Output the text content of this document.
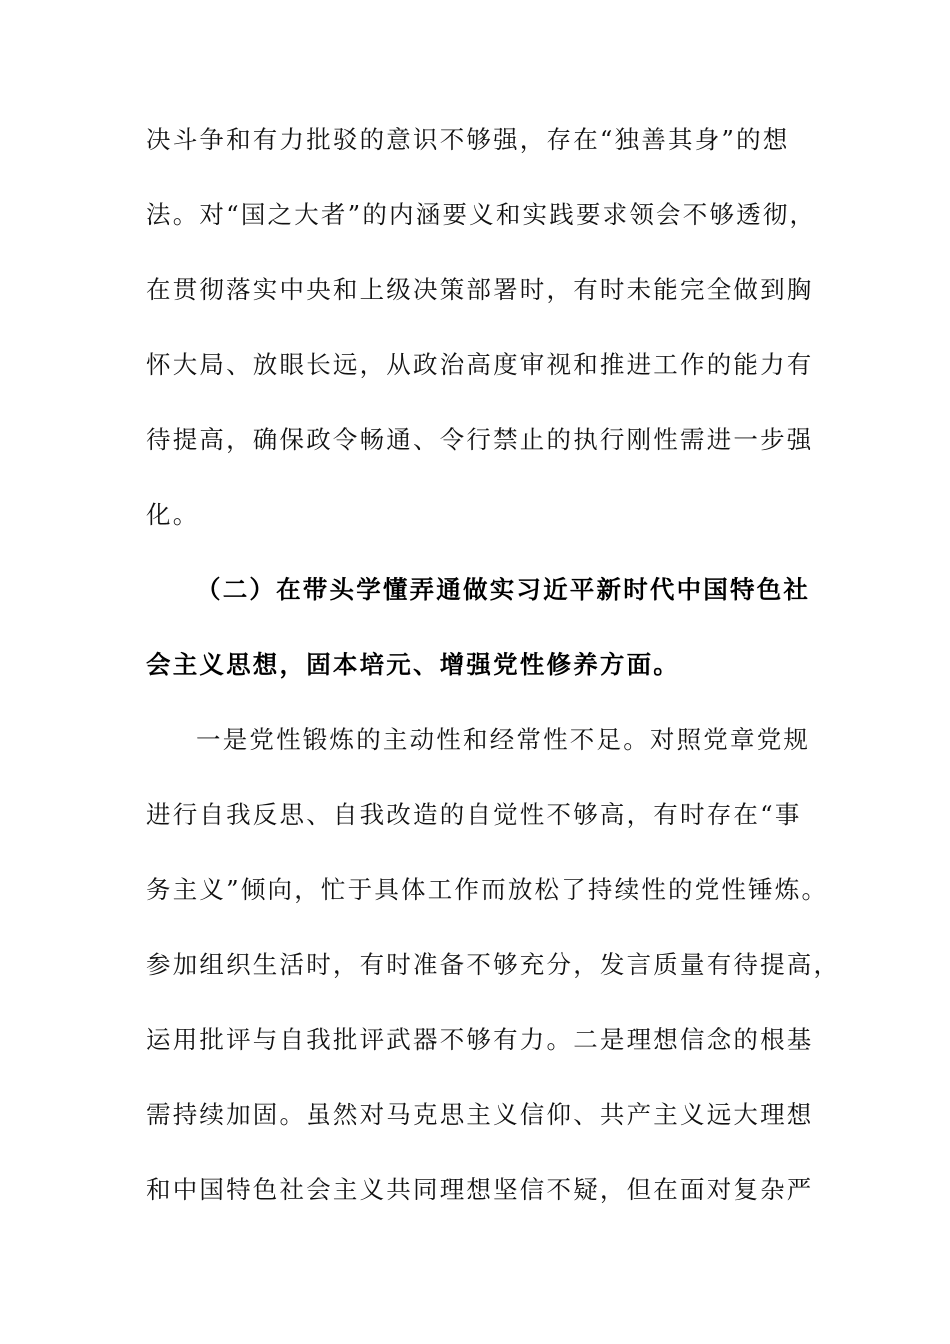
决斗争和有力批驳的意识不够强，存在“独善其身”的想
法。对“国之大者”的内涵要义和实践要求领会不够透彻，
在贯彻落实中央和上级决策部署时，有时未能完全做到胸
怀大局、放眼长远，从政治高度审视和推进工作的能力有
待提高，确保政令畅通、令行禁止的执行刚性需进一步强
化。
（二）在带头学懂弄通做实习近平新时代中国特色社
会主义思想，固本培元、增强党性修养方面。
一是党性锻炼的主动性和经常性不足。对照党章党规
进行自我反思、自我改造的自觉性不够高，有时存在“事
务主义”倾向，忙于具体工作而放松了持续性的党性锤炼。
参加组织生活时，有时准备不够充分，发言质量有待提高，
运用批评与自我批评武器不够有力。二是理想信念的根基
需持续加固。虽然对马克思主义信仰、共产主义远大理想
和中国特色社会主义共同理想坚信不疑，但在面对复杂严
